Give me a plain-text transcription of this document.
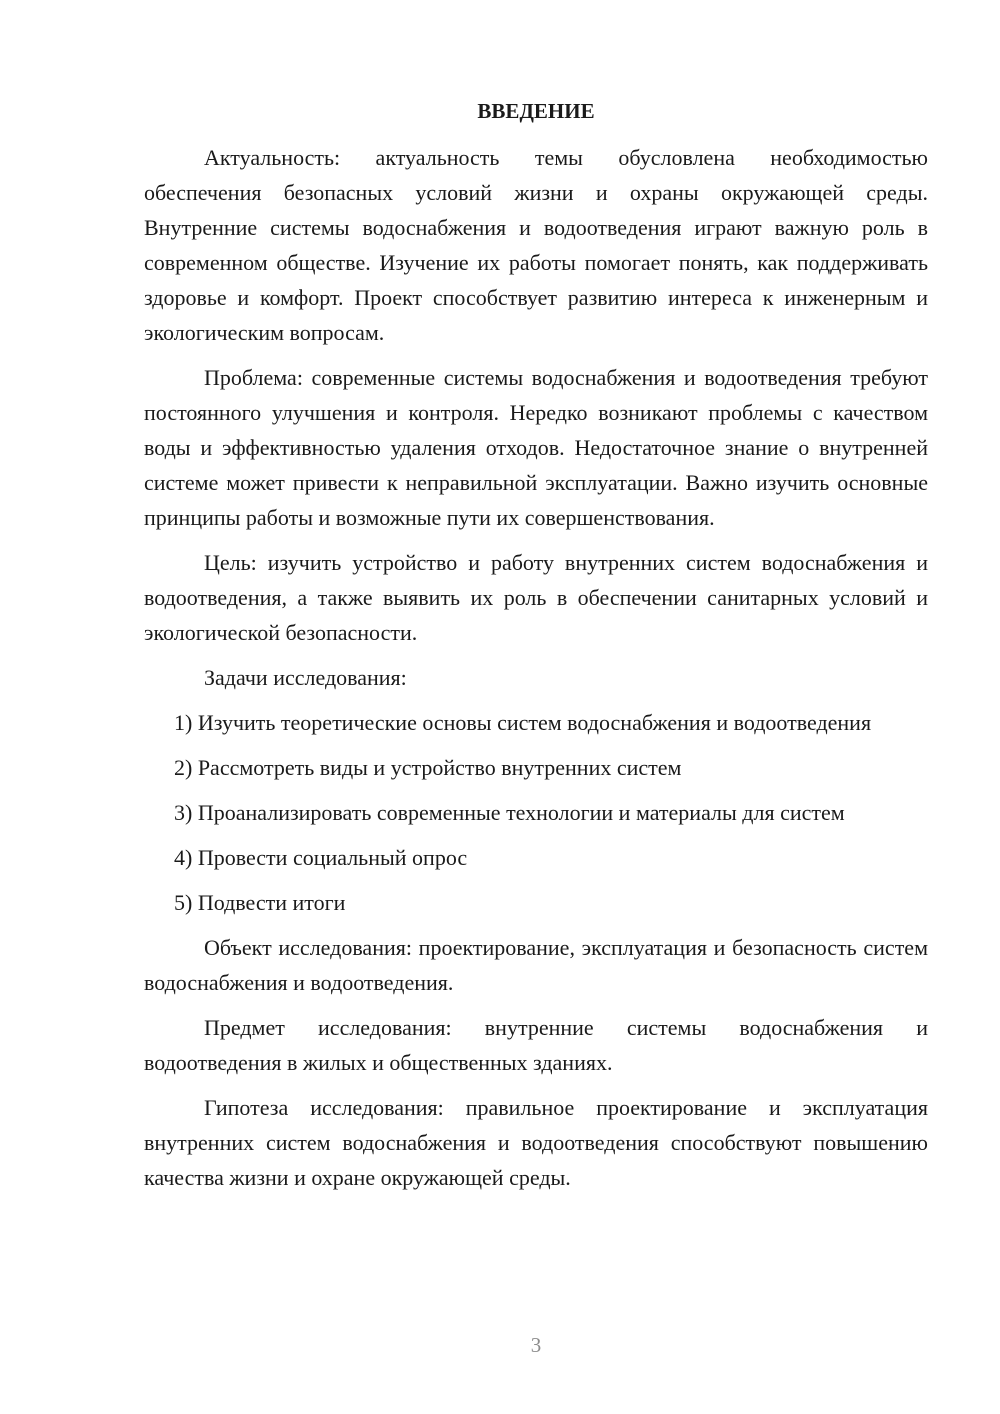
ВВЕДЕНИЕ

Актуальность: актуальность темы обусловлена необходимостью обеспечения безопасных условий жизни и охраны окружающей среды. Внутренние системы водоснабжения и водоотведения играют важную роль в современном обществе. Изучение их работы помогает понять, как поддерживать здоровье и комфорт. Проект способствует развитию интереса к инженерным и экологическим вопросам.

Проблема: современные системы водоснабжения и водоотведения требуют постоянного улучшения и контроля. Нередко возникают проблемы с качеством воды и эффективностью удаления отходов. Недостаточное знание о внутренней системе может привести к неправильной эксплуатации. Важно изучить основные принципы работы и возможные пути их совершенствования.

Цель: изучить устройство и работу внутренних систем водоснабжения и водоотведения, а также выявить их роль в обеспечении санитарных условий и экологической безопасности.

Задачи исследования:

1) Изучить теоретические основы систем водоснабжения и водоотведения

2) Рассмотреть виды и устройство внутренних систем

3) Проанализировать современные технологии и материалы для систем

4) Провести социальный опрос

5) Подвести итоги

Объект исследования: проектирование, эксплуатация и безопасность систем водоснабжения и водоотведения.

Предмет исследования: внутренние системы водоснабжения и водоотведения в жилых и общественных зданиях.

Гипотеза исследования: правильное проектирование и эксплуатация внутренних систем водоснабжения и водоотведения способствуют повышению качества жизни и охране окружающей среды.

3
